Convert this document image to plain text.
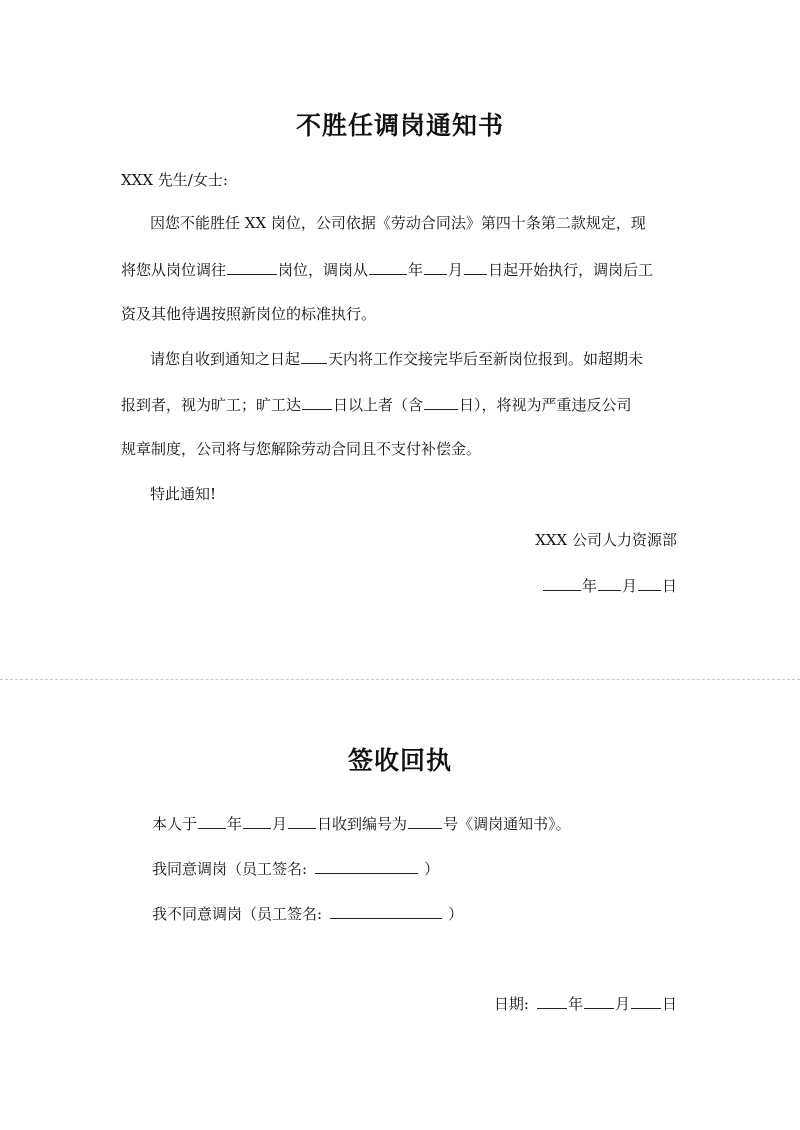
不胜任调岗通知书
XXX 先生/女士:
因您不能胜任 XX 岗位，公司依据《劳动合同法》第四十条第二款规定，现
将您从岗位调往	岗位，调岗从	年 月 日起开始执行，调岗后工
资及其他待遇按照新岗位的标准执行。
请您自收到通知之日起 天内将工作交接完毕后至新岗位报到。如超期未
报到者，视为旷工；旷工达 日以上者（含 日），将视为严重违反公司
规章制度，公司将与您解除劳动合同且不支付补偿金。
特此通知!
XXX 公司人力资源部
年 月 日
签收回执
本人于 年 月 日收到编号为 号《调岗通知书》。
我同意调岗（员工签名:	）
我不同意调岗（员工签名:	）
日期:	年 月 日
